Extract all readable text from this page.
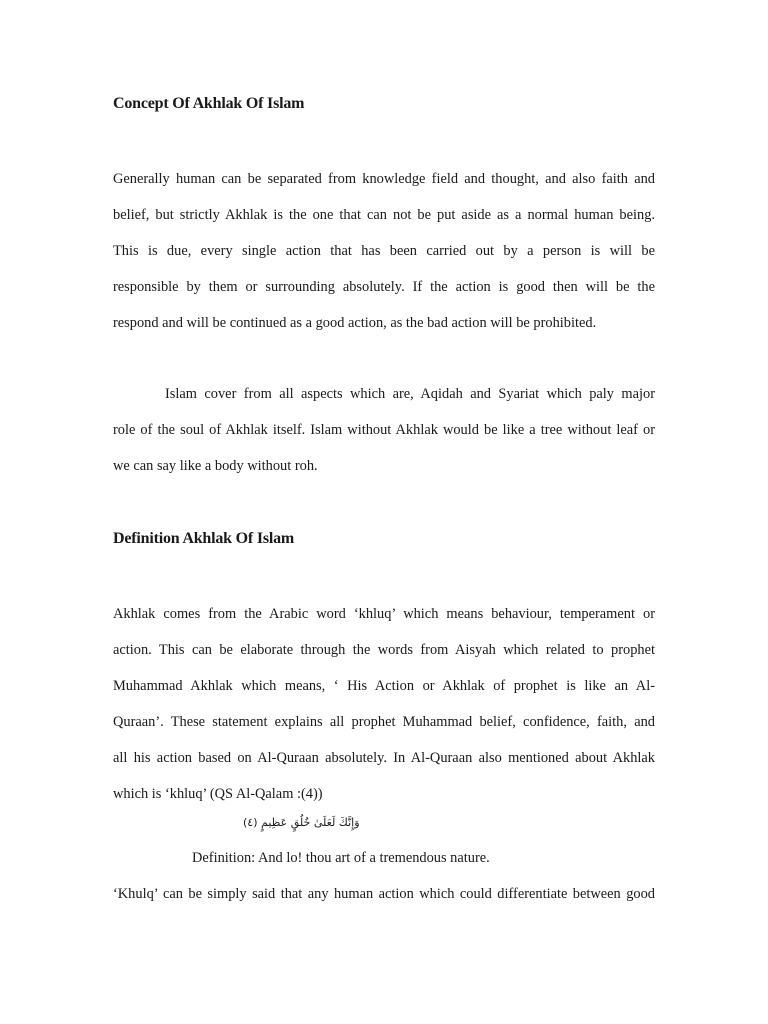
Concept Of Akhlak Of Islam
Generally human can be separated from knowledge field and thought, and also faith and
belief, but strictly Akhlak is the one that can not be put aside as a normal human being.
This is due, every single action that has been carried out by a person is will be
responsible by them or surrounding absolutely. If the action is good then will be the
respond and will be continued as a good action, as the bad action will be prohibited.
Islam cover from all aspects which are, Aqidah and Syariat which paly major
role of the soul of Akhlak itself. Islam without Akhlak would be like a tree without leaf or
we can say like a body without roh.
Definition Akhlak Of Islam
Akhlak comes from the Arabic word ‘khluq’ which means behaviour, temperament or
action. This can be elaborate through the words from Aisyah which related to prophet
Muhammad Akhlak which means, ‘ His Action or Akhlak of prophet is like an Al-
Quraan’. These statement explains all prophet Muhammad belief, confidence, faith, and
all his action based on Al-Quraan absolutely. In Al-Quraan also mentioned about Akhlak
which is ‘khluq’ (QS Al-Qalam :(4))
وَإِنَّكَ لَعَلَىٰ خُلُقٍ عَظِيمٍ (٤)
Definition: And lo! thou art of a tremendous nature.
‘Khulq’ can be simply said that any human action which could differentiate between good
